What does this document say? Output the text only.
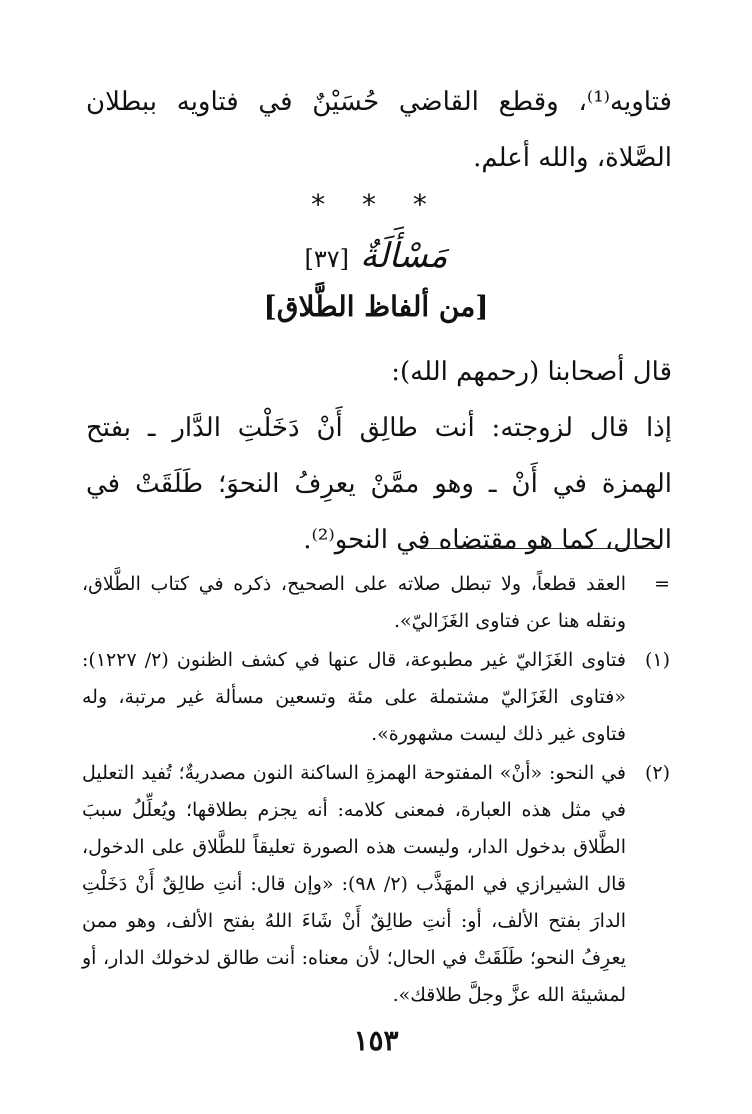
فتاويه⁽¹⁾، وقطع القاضي حُسَيْنٌ في فتاويه ببطلان الصَّلاة، والله أعلم.
* * *
مَسْأَلَةٌ [٣٧]
[من ألفاظ الطَّلاق]

قال أصحابنا (رحمهم الله):

إذا قال لزوجته: أنت طالِق أَنْ دَخَلْتِ الدَّار ـ بفتح الهمزة في أَنْ ـ وهو ممَّنْ يعرِفُ النحوَ؛ طَلَقَتْ في الحال، كما هو مقتضاه في النحو⁽²⁾.

=
العقد قطعاً، ولا تبطل صلاته على الصحيح، ذكره في كتاب الطَّلاق، ونقله هنا عن فتاوى الغَزَاليّ».
(١)
فتاوى الغَزَاليّ غير مطبوعة، قال عنها في كشف الظنون (٢/ ١٢٢٧): «فتاوى الغَزَاليّ مشتملة على مئة وتسعين مسألة غير مرتبة، وله فتاوى غير ذلك ليست مشهورة».
(٢)
في النحو: «أنْ» المفتوحة الهمزةِ الساكنة النون مصدريةٌ؛ تُفيد التعليل في مثل هذه العبارة، فمعنى كلامه: أنه يجزم بطلاقها؛ ويُعلِّلُ سببَ الطَّلاق بدخول الدار، وليست هذه الصورة تعليقاً للطَّلاق على الدخول، قال الشيرازي في المهَذَّب (٢/ ٩٨): «وإن قال: أنتِ طالِقٌ أَنْ دَخَلْتِ الدارَ بفتح الألف، أو: أنتِ طالِقٌ أَنْ شَاءَ اللهُ بفتح الألف، وهو ممن يعرِفُ النحو؛ طَلَقَتْ في الحال؛ لأن معناه: أنت طالق لدخولك الدار، أو لمشيئة الله عزَّ وجلَّ طلاقك».
١٥٣
